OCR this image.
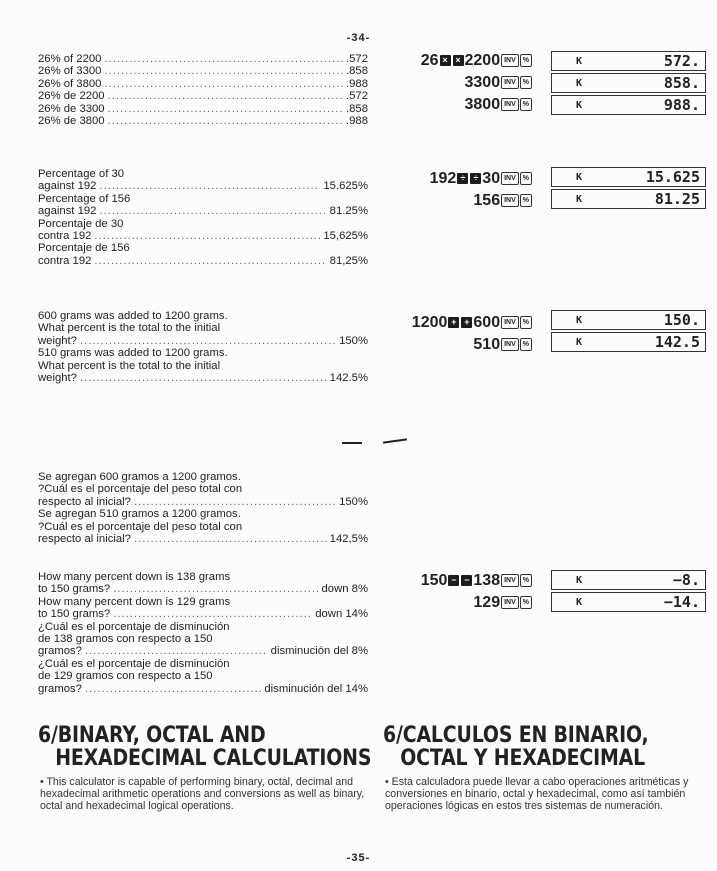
-34-
26% of 2200 .....	.572
26% of 3300 .....	.858
26% of 3800 .....	.988
26% de 2200 .....	.572
26% de 3300 .....	.858
26% de 3800 .....	.988
Percentage of 30
against 192 .....	15.625%
Percentage of 156
against 192 .....	81.25%
Porcentaje de 30
contra 192 .....	15,625%
Porcentaje de 156
contra 192 .....	81,25%
600 grams was added to 1200 grams.
What percent is the total to the initial
weight? .....	150%
510 grams was added to 1200 grams.
What percent is the total to the initial
weight? .....	142.5%
Se agregan 600 gramos a 1200 gramos.
?Cuál es el porcentaje del peso total con
respecto al inicial? .....	150%
Se agregan 510 gramos a 1200 gramos.
?Cuál es el porcentaje del peso total con
respecto al inicial? .....	142,5%
How many percent down is 138 grams
to 150 grams? .....	down 8%
How many percent down is 129 grams
to 150 grams? .....	down 14%
¿Cuál es el porcentaje de disminución
de 138 gramos con respecto a 150
gramos? .....	disminución del 8%
¿Cuál es el porcentaje de disminución
de 129 gramos con respecto a 150
gramos? .....	disminución del 14%
26 × × 2200 INV %
3300 INV %
3800 INV %
192 ÷ ÷ 30 INV %
156 INV %
1200 + + 600 INV %
510 INV %
150 − − 138 INV %
129 INV %
K	572.
K	858.
K	988.
K	15.625
K	81.25
K	150.
K	142.5
K	−8.
K	−14.
6/BINARY, OCTAL AND
HEXADECIMAL CALCULATIONS
• This calculator is capable of performing binary, octal, decimal and hexadecimal arithmetic operations and conversions as well as binary, octal and hexadecimal logical operations.
6/CALCULOS EN BINARIO,
OCTAL Y HEXADECIMAL
• Esta calculadora puede llevar a cabo operaciones aritméticas y conversiones en binario, octal y hexadecimal, como así también operaciones lógicas en estos tres sistemas de numeración.
-35-
